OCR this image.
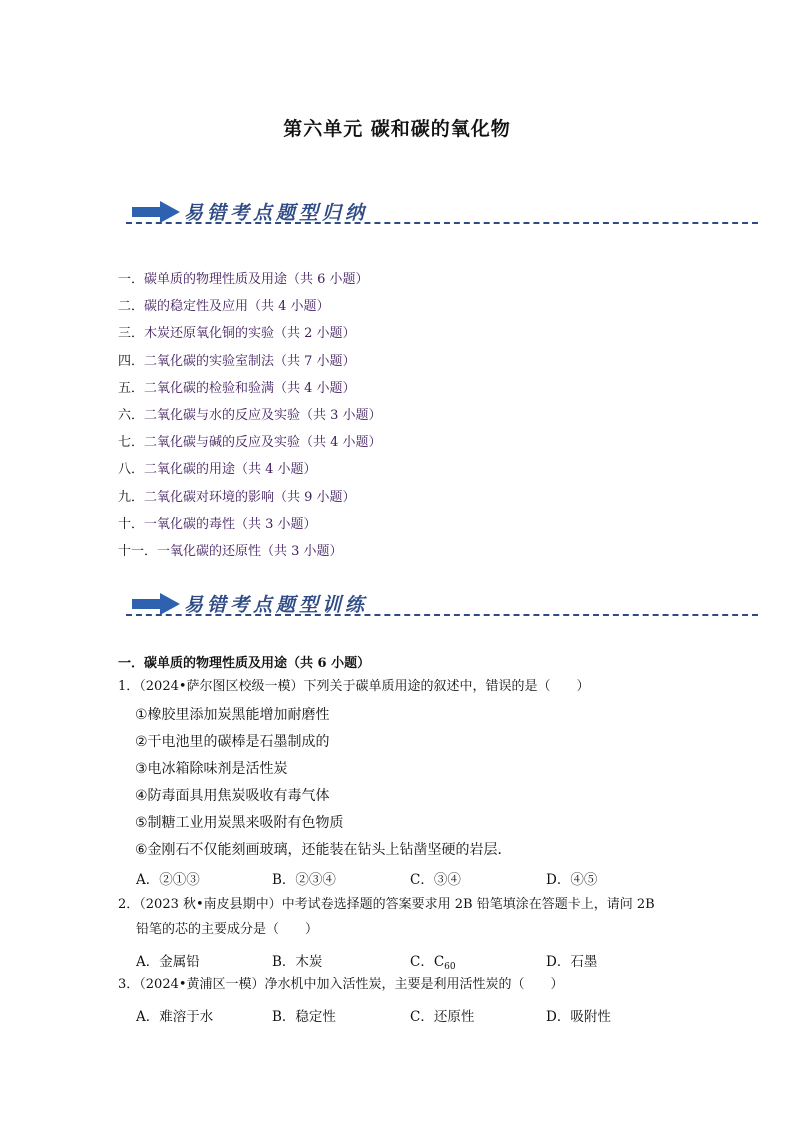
第六单元 碳和碳的氧化物
易错考点题型归纳
一．碳单质的物理性质及用途（共 6 小题）
二．碳的稳定性及应用（共 4 小题）
三．木炭还原氧化铜的实验（共 2 小题）
四．二氧化碳的实验室制法（共 7 小题）
五．二氧化碳的检验和验满（共 4 小题）
六．二氧化碳与水的反应及实验（共 3 小题）
七．二氧化碳与碱的反应及实验（共 4 小题）
八．二氧化碳的用途（共 4 小题）
九．二氧化碳对环境的影响（共 9 小题）
十．一氧化碳的毒性（共 3 小题）
十一．一氧化碳的还原性（共 3 小题）
易错考点题型训练
一．碳单质的物理性质及用途（共 6 小题）
1．（2024•萨尔图区校级一模）下列关于碳单质用途的叙述中，错误的是（　　）
①橡胶里添加炭黑能增加耐磨性
②干电池里的碳棒是石墨制成的
③电冰箱除味剂是活性炭
④防毒面具用焦炭吸收有毒气体
⑤制糖工业用炭黑来吸附有色物质
⑥金刚石不仅能刻画玻璃，还能装在钻头上钻凿坚硬的岩层．
A．②①③	B．②③④	C．③④	D．④⑤
2．（2023 秋•南皮县期中）中考试卷选择题的答案要求用 2B 铅笔填涂在答题卡上，请问 2B
铅笔的芯的主要成分是（　　）
A．金属铅	B．木炭	C．$C_{60}$	D．石墨
3．（2024•黄浦区一模）净水机中加入活性炭，主要是利用活性炭的（　　）
A．难溶于水	B．稳定性	C．还原性	D．吸附性
